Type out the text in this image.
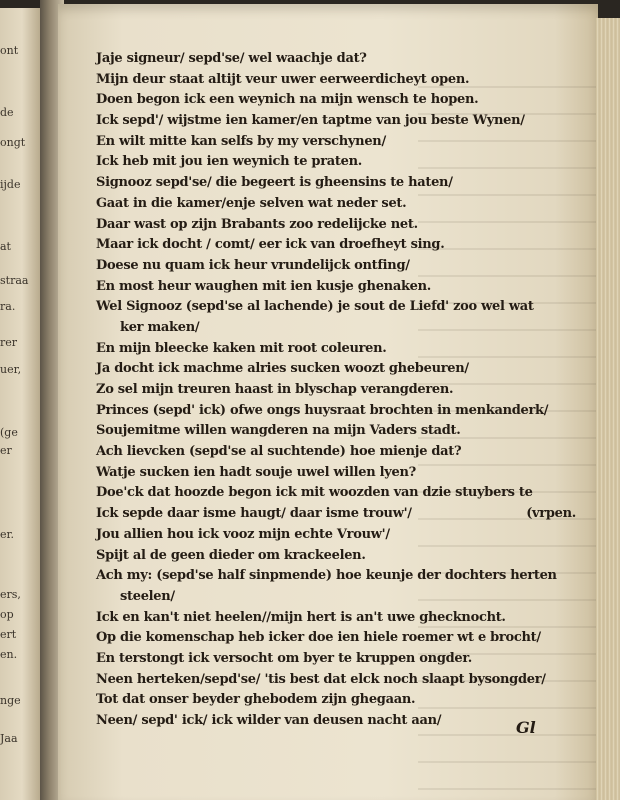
ont
de
ongt
ijde
at
straa
ra.
rer
uer,
(ge
er
er.
ers,
op
ert
en.
nge
Jaa
Jaje signeur/ sepd'se/ wel waachje dat?
Mijn deur staat altijt veur uwer eerweerdicheyt open.
Doen begon ick een weynich na mijn wensch te hopen.
Ick sepd'/ wijstme ien kamer/en taptme van jou beste Wynen/
En wilt mitte kan selfs by my verschynen/
Ick heb mit jou ien weynich te praten.
Signooz sepd'se/ die begeert is gheensins te haten/
Gaat in die kamer/enje selven wat neder set.
Daar wast op zijn Brabants zoo redelijcke net.
Maar ick docht / comt/ eer ick van droefheyt sing.
Doese nu quam ick heur vrundelijck ontfing/
En most heur waughen mit ien kusje ghenaken.
Wel Signooz (sepd'se al lachende) je sout de Liefd' zoo wel wat
ker maken/
En mijn bleecke kaken mit root coleuren.
Ja docht ick machme alries sucken woozt ghebeuren/
Zo sel mijn treuren haast in blyschap verangderen.
Princes (sepd' ick) ofwe ongs huysraat brochten in menkanderk/
Soujemitme willen wangderen na mijn Vaders stadt.
Ach lievcken (sepd'se al suchtende) hoe mienje dat?
Watje sucken ien hadt souje uwel willen lyen?
Doe'ck dat hoozde begon ick mit woozden van dzie stuybers te
Ick sepde daar isme haugt/ daar isme trouw'/	(vrpen.
Jou allien hou ick vooz mijn echte Vrouw'/
Spijt al de geen dieder om krackeelen.
Ach my: (sepd'se half sinpmende) hoe keunje der dochters herten
steelen/
Ick en kan't niet heelen//mijn hert is an't uwe ghecknocht.
Op die komenschap heb icker doe ien hiele roemer wt e brocht/
En terstongt ick versocht om byer te kruppen ongder.
Neen herteken/sepd'se/ 'tis best dat elck noch slaapt bysongder/
Tot dat onser beyder ghebodem zijn ghegaan.
Neen/ sepd' ick/ ick wilder van deusen nacht aan/	Gl
